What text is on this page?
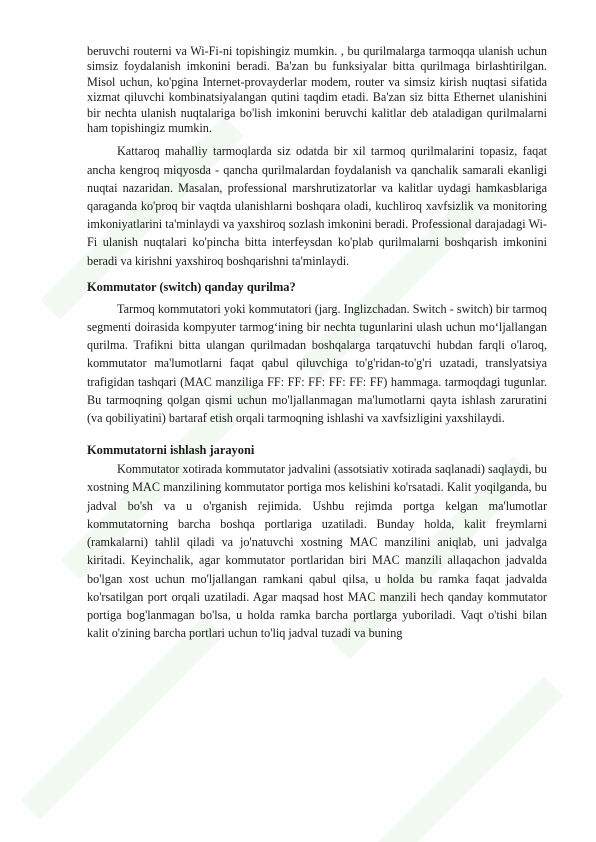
beruvchi routerni va Wi-Fi-ni topishingiz mumkin. , bu qurilmalarga tarmoqqa ulanish uchun simsiz foydalanish imkonini beradi. Ba'zan bu funksiyalar bitta qurilmaga birlashtirilgan. Misol uchun, ko'pgina Internet-provayderlar modem, router va simsiz kirish nuqtasi sifatida xizmat qiluvchi kombinatsiyalangan qutini taqdim etadi. Ba'zan siz bitta Ethernet ulanishini bir nechta ulanish nuqtalariga bo'lish imkonini beruvchi kalitlar deb ataladigan qurilmalarni ham topishingiz mumkin.

Kattaroq mahalliy tarmoqlarda siz odatda bir xil tarmoq qurilmalarini topasiz, faqat ancha kengroq miqyosda - qancha qurilmalardan foydalanish va qanchalik samarali ekanligi nuqtai nazaridan. Masalan, professional marshrutizatorlar va kalitlar uydagi hamkasblariga qaraganda ko'proq bir vaqtda ulanishlarni boshqara oladi, kuchliroq xavfsizlik va monitoring imkoniyatlarini ta'minlaydi va yaxshiroq sozlash imkonini beradi. Professional darajadagi Wi-Fi ulanish nuqtalari ko'pincha bitta interfeysdan ko'plab qurilmalarni boshqarish imkonini beradi va kirishni yaxshiroq boshqarishni ta'minlaydi.

Kommutator (switch) qanday qurilma?

Tarmoq kommutatori yoki kommutatori (jarg. Inglizchadan. Switch - switch) bir tarmoq segmenti doirasida kompyuter tarmog‘ining bir nechta tugunlarini ulash uchun mo‘ljallangan qurilma. Trafikni bitta ulangan qurilmadan boshqalarga tarqatuvchi hubdan farqli o'laroq, kommutator ma'lumotlarni faqat qabul qiluvchiga to'g'ridan-to'g'ri uzatadi, translyatsiya trafigidan tashqari (MAC manziliga FF: FF: FF: FF: FF: FF) hammaga. tarmoqdagi tugunlar. Bu tarmoqning qolgan qismi uchun mo'ljallanmagan ma'lumotlarni qayta ishlash zaruratini (va qobiliyatini) bartaraf etish orqali tarmoqning ishlashi va xavfsizligini yaxshilaydi.

Kommutatorni ishlash jarayoni

Kommutator xotirada kommutator jadvalini (assotsiativ xotirada saqlanadi) saqlaydi, bu xostning MAC manzilining kommutator portiga mos kelishini ko'rsatadi. Kalit yoqilganda, bu jadval bo'sh va u o'rganish rejimida. Ushbu rejimda portga kelgan ma'lumotlar kommutatorning barcha boshqa portlariga uzatiladi. Bunday holda, kalit freymlarni (ramkalarni) tahlil qiladi va jo'natuvchi xostning MAC manzilini aniqlab, uni jadvalga kiritadi. Keyinchalik, agar kommutator portlaridan biri MAC manzili allaqachon jadvalda bo'lgan xost uchun mo'ljallangan ramkani qabul qilsa, u holda bu ramka faqat jadvalda ko'rsatilgan port orqali uzatiladi. Agar maqsad host MAC manzili hech qanday kommutator portiga bog'lanmagan bo'lsa, u holda ramka barcha portlarga yuboriladi. Vaqt o'tishi bilan kalit o'zining barcha portlari uchun to'liq jadval tuzadi va buning
